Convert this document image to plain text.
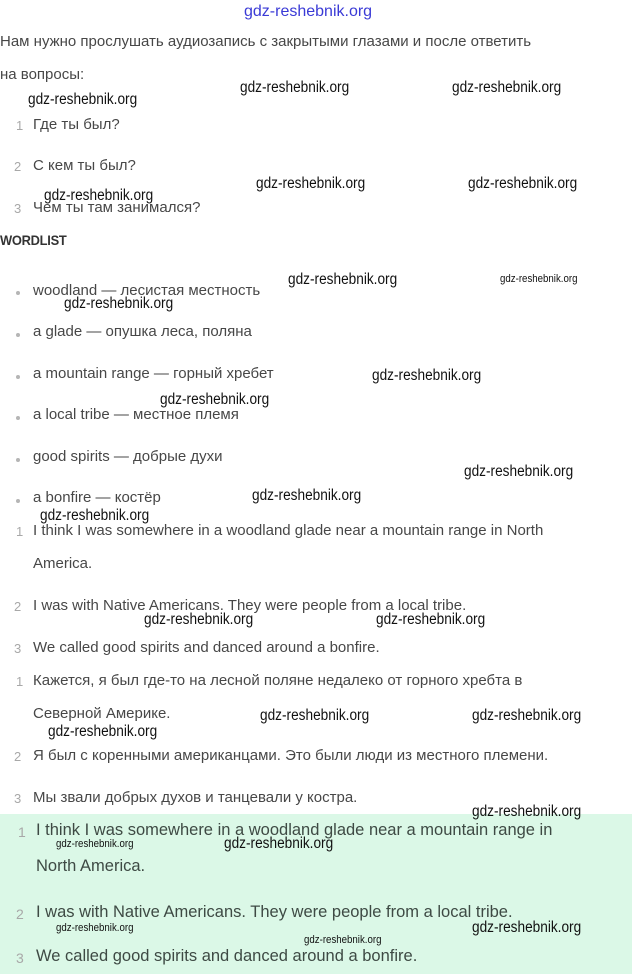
gdz-reshebnik.org
Нам нужно прослушать аудиозапись с закрытыми глазами и после ответить
на вопросы:
1 Где ты был?
2 С кем ты был?
3 Чем ты там занимался?
WORDLIST
woodland — лесистая местность
a glade — опушка леса, поляна
a mountain range — горный хребет
a local tribe — местное племя
good spirits — добрые духи
a bonfire — костёр
1 I think I was somewhere in a woodland glade near a mountain range in North
America.
2 I was with Native Americans. They were people from a local tribe.
3 We called good spirits and danced around a bonfire.
1 Кажется, я был где-то на лесной поляне недалеко от горного хребта в
Северной Америке.
2 Я был с коренными американцами. Это были люди из местного племени.
3 Мы звали добрых духов и танцевали у костра.
1 I think I was somewhere in a woodland glade near a mountain range in
North America.
2 I was with Native Americans. They were people from a local tribe.
3 We called good spirits and danced around a bonfire.
gdz-reshebnik.org
gdz-reshebnik.org	gdz-reshebnik.org
gdz-reshebnik.org
gdz-reshebnik.org	gdz-reshebnik.org
gdz-reshebnik.org	gdz-reshebnik.org
gdz-reshebnik.org
gdz-reshebnik.org
gdz-reshebnik.org
gdz-reshebnik.org
gdz-reshebnik.org
gdz-reshebnik.org
gdz-reshebnik.org	gdz-reshebnik.org
gdz-reshebnik.org	gdz-reshebnik.org
gdz-reshebnik.org
gdz-reshebnik.org
gdz-reshebnik.org	gdz-reshebnik.org
gdz-reshebnik.org	gdz-reshebnik.org
gdz-reshebnik.org
